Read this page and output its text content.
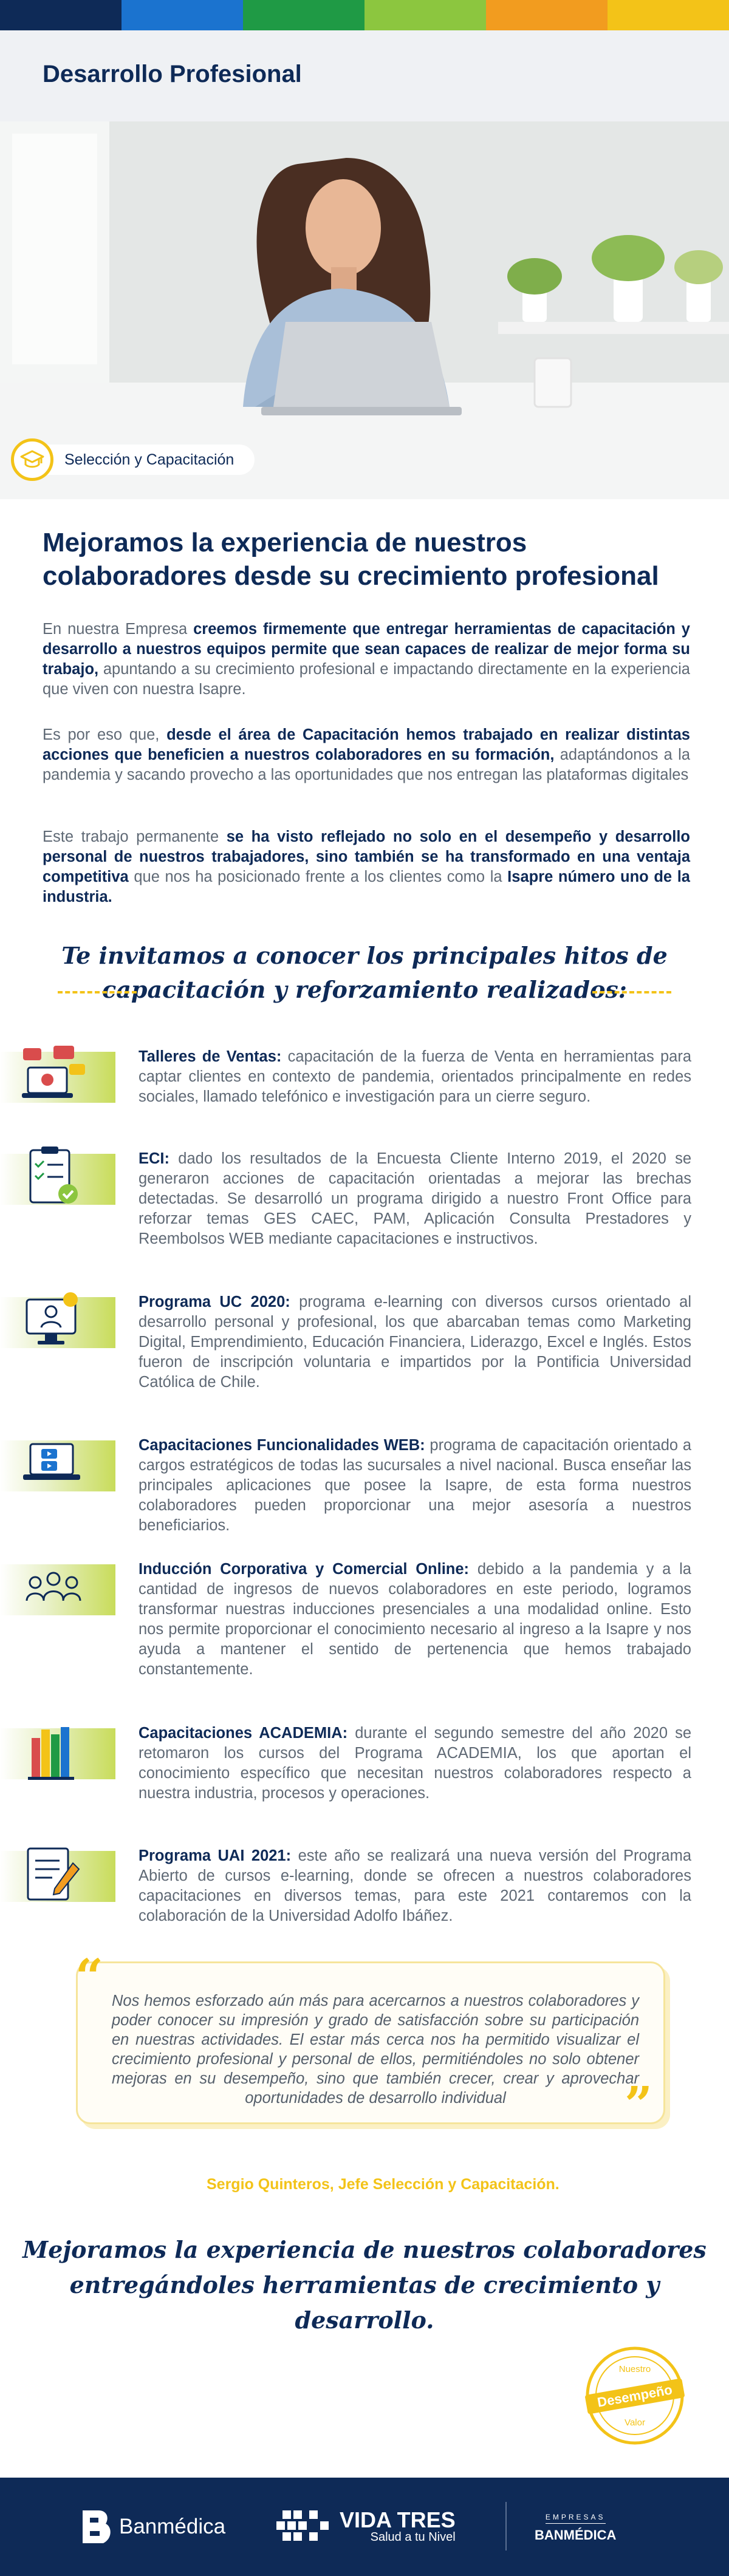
Desarrollo Profesional
Selección y Capacitación
Mejoramos la experiencia de nuestros colaboradores desde su crecimiento profesional

En nuestra Empresa creemos firmemente que entregar herramientas de capacitación y desarrollo a nuestros equipos permite que sean capaces de realizar de mejor forma su trabajo, apuntando a su crecimiento profesional e impactando directamente en la experiencia que viven con nuestra Isapre.

Es por eso que, desde el área de Capacitación hemos trabajado en realizar distintas acciones que beneficien a nuestros colaboradores en su formación, adaptándonos a la pandemia y sacando provecho a las oportunidades que nos entregan las plataformas digitales

Este trabajo permanente se ha visto reflejado no solo en el desempeño y desarrollo personal de nuestros trabajadores, sino también se ha transformado en una ventaja competitiva que nos ha posicionado frente a los clientes como la Isapre número uno de la industria.

Te invitamos a conocer los principales hitos de
capacitación y reforzamiento realizados:
Talleres de Ventas: capacitación de la fuerza de Venta en herramientas para captar clientes en contexto de pandemia, orientados principalmente en redes sociales, llamado telefónico e investigación para un cierre seguro.
ECI: dado los resultados de la Encuesta Cliente Interno 2019, el 2020 se generaron acciones de capacitación orientadas a mejorar las brechas detectadas. Se desarrolló un programa dirigido a nuestro Front Office para reforzar temas GES CAEC, PAM, Aplicación Consulta Prestadores y Reembolsos WEB mediante capacitaciones e instructivos.
Programa UC 2020: programa e-learning con diversos cursos orientado al desarrollo personal y profesional, los que abarcaban temas como Marketing Digital, Emprendimiento, Educación Financiera, Liderazgo, Excel e Inglés. Estos fueron de inscripción voluntaria e impartidos por la Pontificia Universidad Católica de Chile.
Capacitaciones Funcionalidades WEB: programa de capacitación orientado a cargos estratégicos de todas las sucursales a nivel nacional. Busca enseñar las principales aplicaciones que posee la Isapre, de esta forma nuestros colaboradores pueden proporcionar una mejor asesoría a nuestros beneficiarios.
Inducción Corporativa y Comercial Online: debido a la pandemia y a la cantidad de ingresos de nuevos colaboradores en este periodo, logramos transformar nuestras inducciones presenciales a una modalidad online. Esto nos permite proporcionar el conocimiento necesario al ingreso a la Isapre y nos ayuda a mantener el sentido de pertenencia que hemos trabajado constantemente.
Capacitaciones ACADEMIA: durante el segundo semestre del año 2020 se retomaron los cursos del Programa ACADEMIA, los que aportan el conocimiento específico que necesitan nuestros colaboradores respecto a nuestra industria, procesos y operaciones.
Programa UAI 2021: este año se realizará una nueva versión del Programa Abierto de cursos e-learning, donde se ofrecen a nuestros colaboradores capacitaciones en diversos temas, para este 2021 contaremos con la colaboración de la Universidad Adolfo Ibáñez.
“ Nos hemos esforzado aún más para acercarnos a nuestros colaboradores y poder conocer su impresión y grado de satisfacción sobre su participación en nuestras actividades. El estar más cerca nos ha permitido visualizar el crecimiento profesional y personal de ellos, permitiéndoles no solo obtener mejoras en su desempeño, sino que también crecer, crear y aprovechar oportunidades de desarrollo individual	”
Sergio Quinteros, Jefe Selección y Capacitación.
Mejoramos la experiencia de nuestros colaboradores
entregándoles herramientas de crecimiento y desarrollo.
Nuestro
Desempeño
Valor
Banmédica	VIDA TRES
Salud a tu Nivel
EMPRESAS
BANMÉDICA
